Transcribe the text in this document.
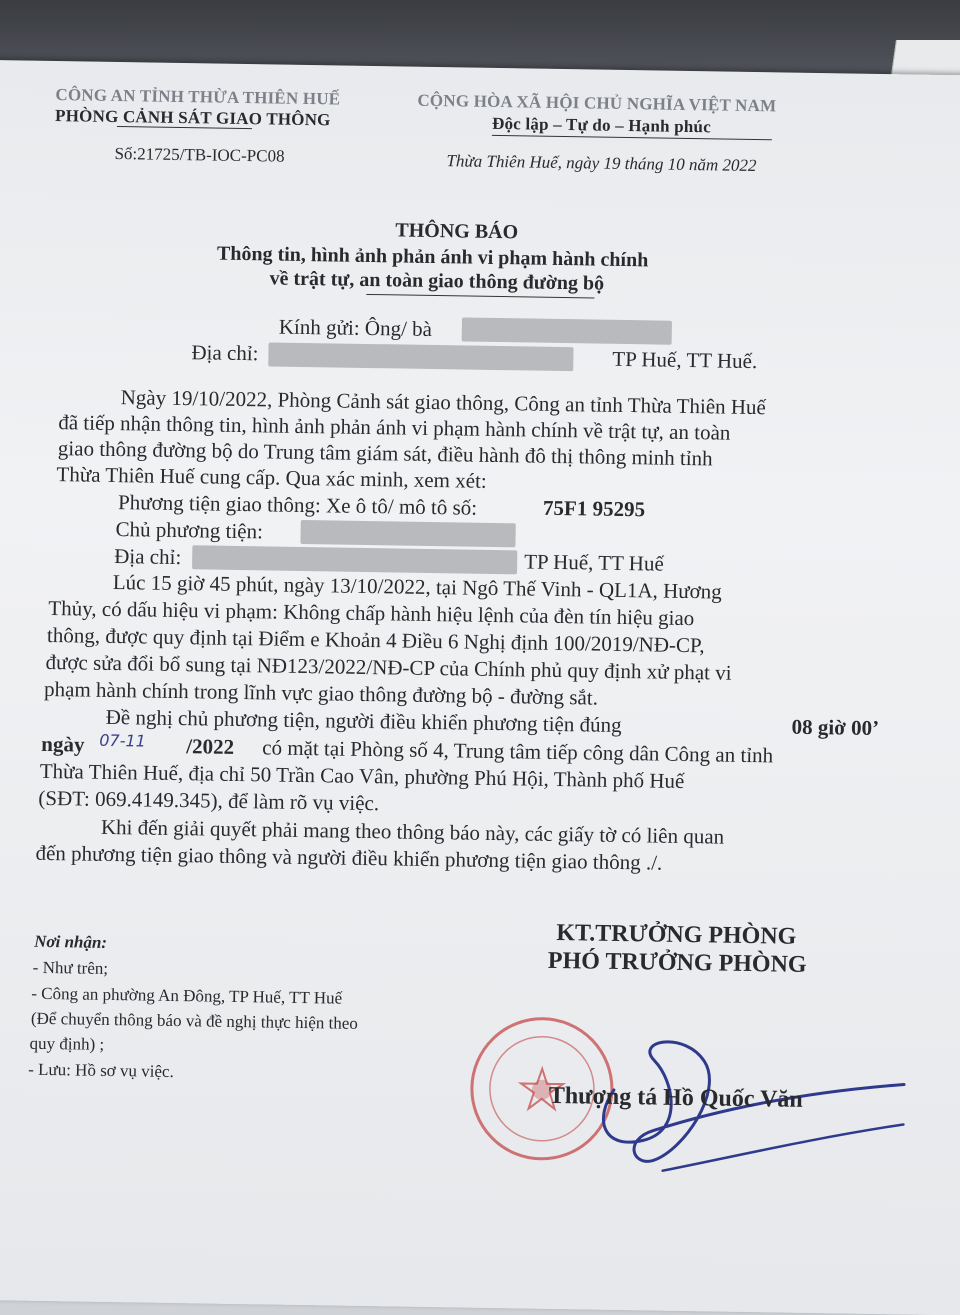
CÔNG AN TỈNH THỪA THIÊN HUẾ
PHÒNG CẢNH SÁT GIAO THÔNG
CỘNG HÒA XÃ HỘI CHỦ NGHĨA VIỆT NAM
Độc lập – Tự do – Hạnh phúc
Số:21725/TB-IOC-PC08	Thừa Thiên Huế, ngày 19 tháng 10 năm 2022
THÔNG BÁO
Thông tin, hình ảnh phản ánh vi phạm hành chính
về trật tự, an toàn giao thông đường bộ
Kính gửi: Ông/ bà
Địa chỉ:	TP Huế, TT Huế.
Ngày 19/10/2022, Phòng Cảnh sát giao thông, Công an tỉnh Thừa Thiên Huế
đã tiếp nhận thông tin, hình ảnh phản ánh vi phạm hành chính về trật tự, an toàn
giao thông đường bộ do Trung tâm giám sát, điều hành đô thị thông minh tỉnh
Thừa Thiên Huế cung cấp. Qua xác minh, xem xét:
Phương tiện giao thông: Xe ô tô/ mô tô số:	75F1 95295
Chủ phương tiện:
Địa chỉ:	TP Huế, TT Huế
Lúc 15 giờ 45 phút, ngày 13/10/2022, tại Ngô Thế Vinh - QL1A, Hương
Thủy, có dấu hiệu vi phạm: Không chấp hành hiệu lệnh của đèn tín hiệu giao
thông, được quy định tại Điểm e Khoản 4 Điều 6 Nghị định 100/2019/NĐ-CP,
được sửa đổi bổ sung tại NĐ123/2022/NĐ-CP của Chính phủ quy định xử phạt vi
phạm hành chính trong lĩnh vực giao thông đường bộ - đường sắt.
Đề nghị chủ phương tiện, người điều khiển phương tiện đúng	08 giờ 00’
ngày 07-11 /2022 có mặt tại Phòng số 4, Trung tâm tiếp công dân Công an tỉnh
Thừa Thiên Huế, địa chỉ 50 Trần Cao Vân, phường Phú Hội, Thành phố Huế
(SĐT: 069.4149.345), để làm rõ vụ việc.
Khi đến giải quyết phải mang theo thông báo này, các giấy tờ có liên quan
đến phương tiện giao thông và người điều khiển phương tiện giao thông ./.
Nơi nhận:
- Như trên;
- Công an phường An Đông, TP Huế, TT Huế
(Để chuyển thông báo và đề nghị thực hiện theo
quy định) ;
- Lưu: Hồ sơ vụ việc.
KT.TRƯỞNG PHÒNG
PHÓ TRƯỞNG PHÒNG
Thượng tá Hồ Quốc Văn
